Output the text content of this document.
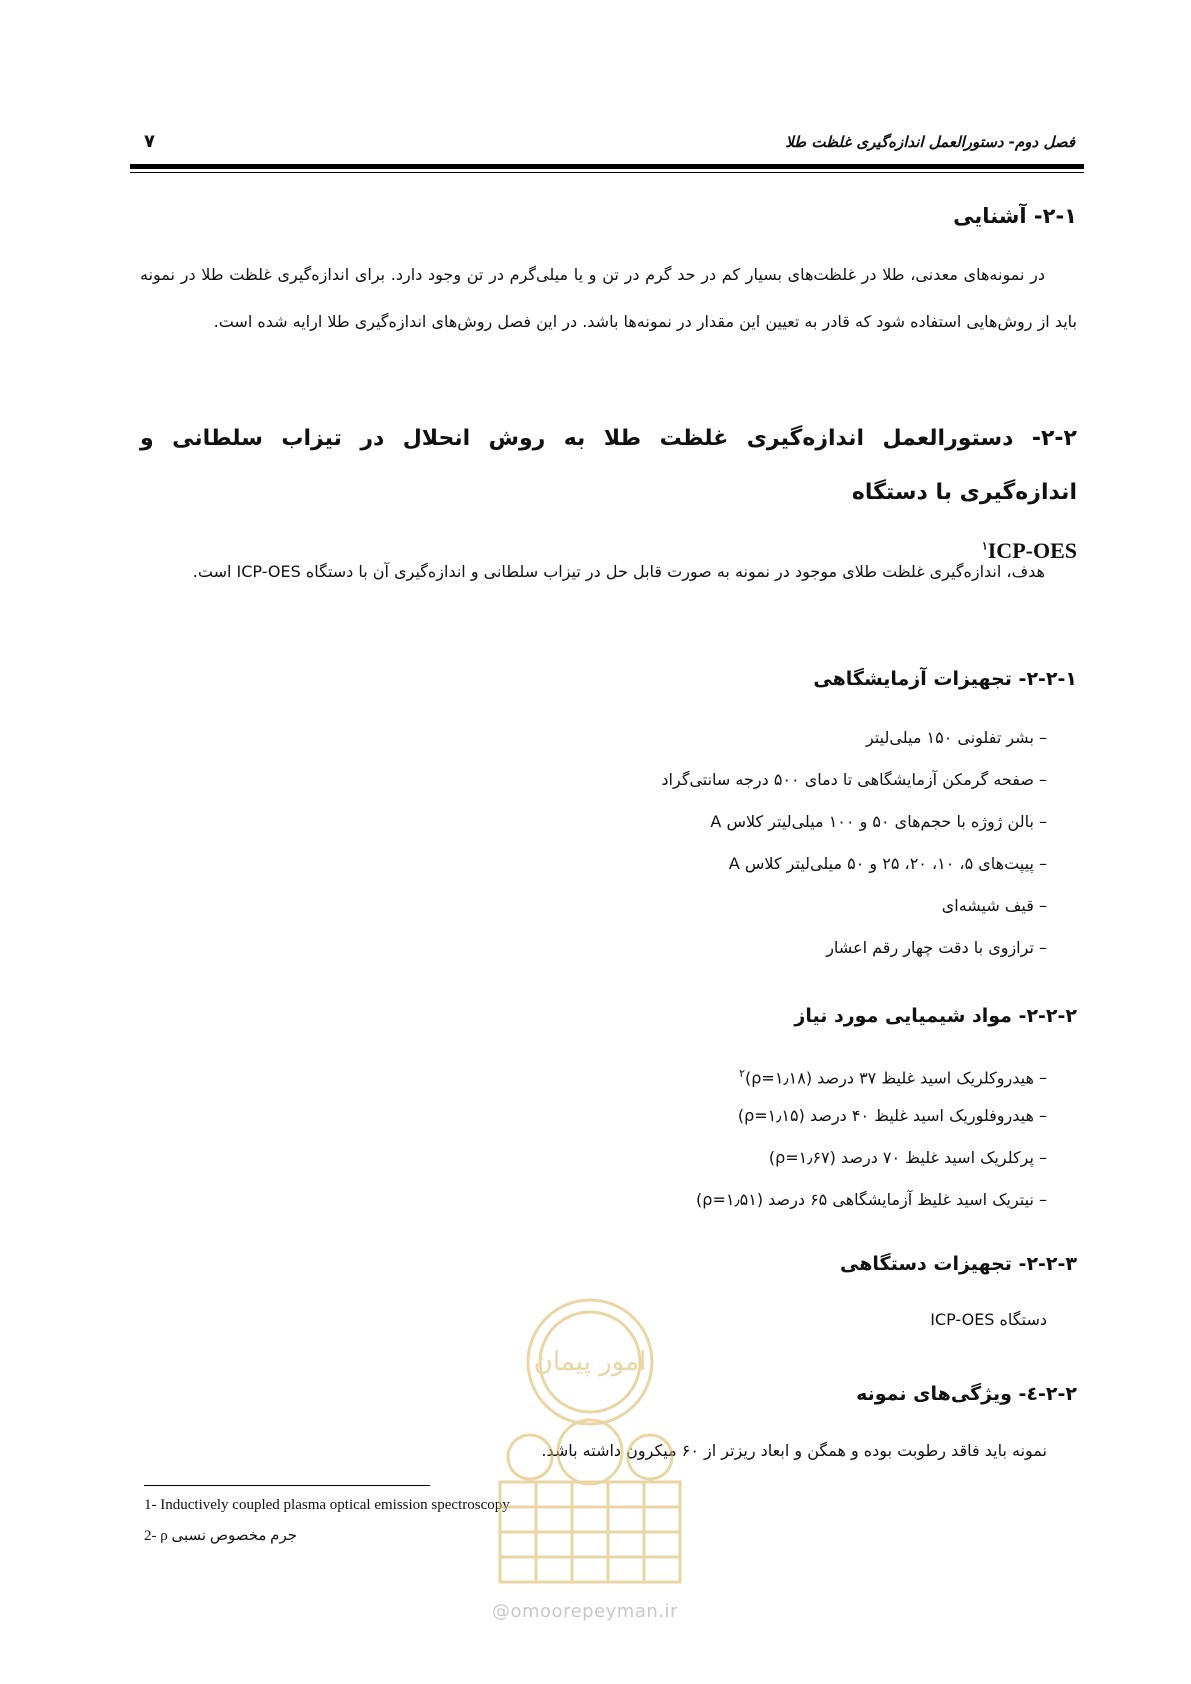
فصل دوم- دستورالعمل اندازه‌گیری غلظت طلا
۷
۲-۱- آشنایی
در نمونه‌های معدنی، طلا در غلظت‌های بسیار کم در حد گرم در تن و یا میلی‌گرم در تن وجود دارد. برای اندازه‌گیری غلظت طلا در نمونه باید از روش‌هایی استفاده شود که قادر به تعیین این مقدار در نمونه‌ها باشد. در این فصل روش‌های اندازه‌گیری طلا ارایه شده است.
۲-۲- دستورالعمل اندازه‌گیری غلظت طلا به روش انحلال در تیزاب سلطانی و اندازه‌گیری با دستگاه
$^۱$ICP-OES
هدف، اندازه‌گیری غلظت طلای موجود در نمونه به صورت قابل حل در تیزاب سلطانی و اندازه‌گیری آن با دستگاه ICP-OES است.
۲-۲-۱- تجهیزات آزمایشگاهی
– بشر تفلونی ۱۵۰ میلی‌لیتر
– صفحه گرمکن آزمایشگاهی تا دمای ۵۰۰ درجه سانتی‌گراد
– بالن ژوژه با حجم‌های ۵۰ و ۱۰۰ میلی‌لیتر کلاس A
– پیپت‌های ۵، ۱۰، ۲۰، ۲۵ و ۵۰ میلی‌لیتر کلاس A
– قیف شیشه‌ای
– ترازوی با دقت چهار رقم اعشار
۲-۲-۲- مواد شیمیایی مورد نیاز
– هیدروکلریک اسید غلیظ ۳۷ درصد (ρ=۱٫۱۸)$^۲$
– هیدروفلوریک اسید غلیظ ۴۰ درصد (ρ=۱٫۱۵)
– پرکلریک اسید غلیظ ۷۰ درصد (ρ=۱٫۶۷)
– نیتریک اسید غلیظ آزمایشگاهی ۶۵ درصد (ρ=۱٫۵۱)
۲-۲-۳- تجهیزات دستگاهی
دستگاه ICP-OES
۲-۲-٤- ویژگی‌های نمونه
نمونه باید فاقد رطوبت بوده و همگن و ابعاد ریزتر از ۶۰ میکرون داشته باشد.
1- Inductively coupled plasma optical emission spectroscopy
2- ρ جرم مخصوص نسبی
امور پیمان
@omoorepeyman.ir
